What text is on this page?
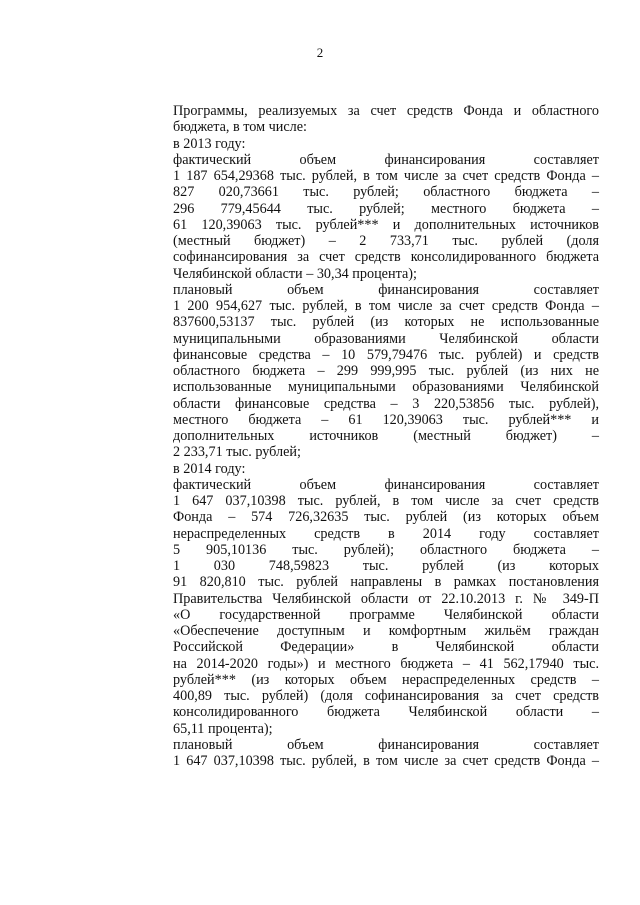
2
Программы, реализуемых за счет средств Фонда и областного
бюджета, в том числе:
в 2013 году:
фактический объем финансирования составляет
1 187 654,29368 тыс. рублей, в том числе за счет средств Фонда –
827 020,73661 тыс. рублей; областного бюджета –
296 779,45644 тыс. рублей; местного бюджета –
61 120,39063 тыс. рублей*** и дополнительных источников
(местный бюджет) – 2 733,71 тыс. рублей (доля
софинансирования за счет средств консолидированного бюджета
Челябинской области – 30,34 процента);
плановый объем финансирования составляет
1 200 954,627 тыс. рублей, в том числе за счет средств Фонда –
837600,53137 тыс. рублей (из которых не использованные
муниципальными образованиями Челябинской области
финансовые средства – 10 579,79476 тыс. рублей) и средств
областного бюджета – 299 999,995 тыс. рублей (из них не
использованные муниципальными образованиями Челябинской
области финансовые средства – 3 220,53856 тыс. рублей),
местного бюджета – 61 120,39063 тыс. рублей*** и
дополнительных источников (местный бюджет) –
2 233,71 тыс. рублей;
в 2014 году:
фактический объем финансирования составляет
1 647 037,10398 тыс. рублей, в том числе за счет средств
Фонда – 574 726,32635 тыс. рублей (из которых объем
нераспределенных средств в 2014 году составляет
5 905,10136 тыс. рублей); областного бюджета –
1 030 748,59823 тыс. рублей (из которых
91 820,810 тыс. рублей направлены в рамках постановления
Правительства Челябинской области от 22.10.2013 г. № 349-П
«О государственной программе Челябинской области
«Обеспечение доступным и комфортным жильём граждан
Российской Федерации» в Челябинской области
на 2014-2020 годы») и местного бюджета – 41 562,17940 тыс.
рублей*** (из которых объем нераспределенных средств –
400,89 тыс. рублей) (доля софинансирования за счет средств
консолидированного бюджета Челябинской области –
65,11 процента);
плановый объем финансирования составляет
1 647 037,10398 тыс. рублей, в том числе за счет средств Фонда –
